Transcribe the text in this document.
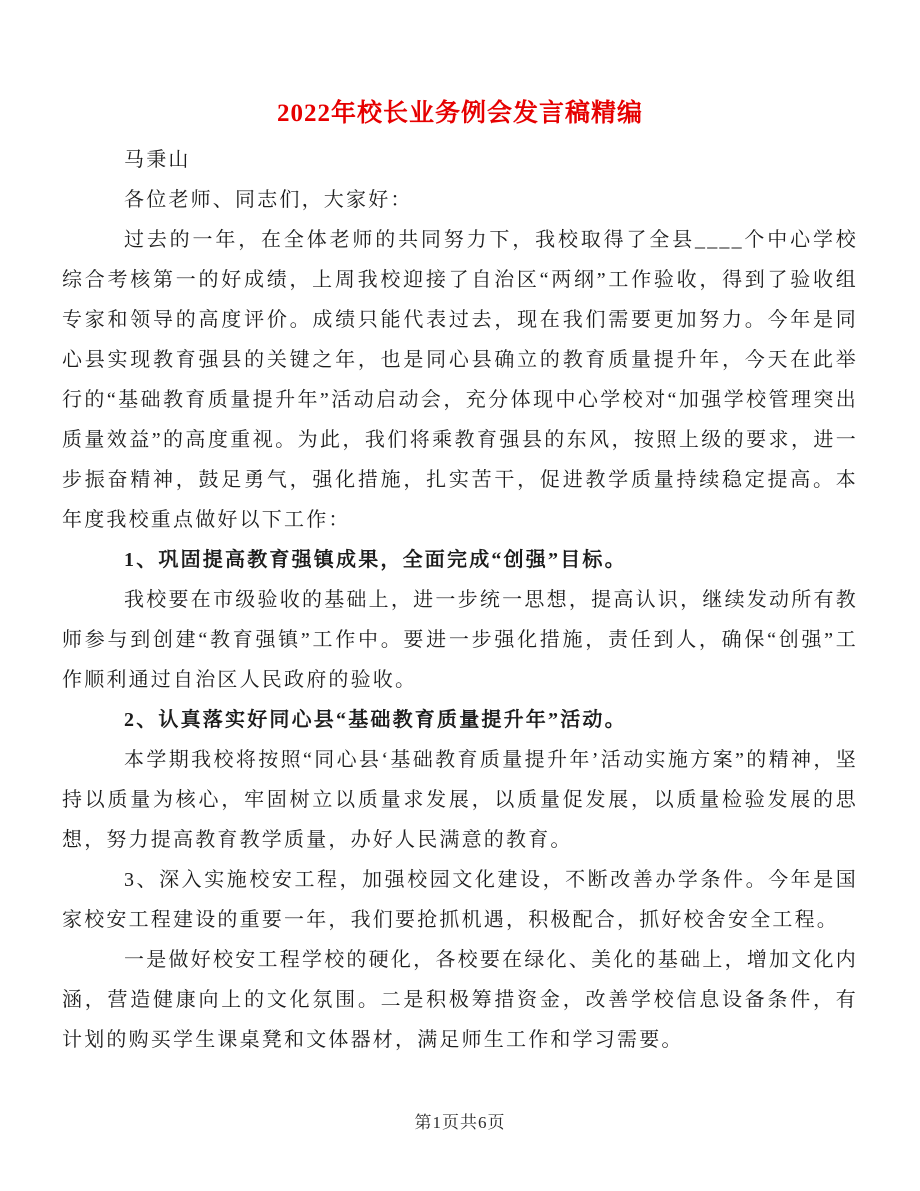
2022年校长业务例会发言稿精编

马秉山

各位老师、同志们，大家好：

过去的一年，在全体老师的共同努力下，我校取得了全县____个中心学校综合考核第一的好成绩，上周我校迎接了自治区“两纲”工作验收，得到了验收组专家和领导的高度评价。成绩只能代表过去，现在我们需要更加努力。今年是同心县实现教育强县的关键之年，也是同心县确立的教育质量提升年，今天在此举行的“基础教育质量提升年”活动启动会，充分体现中心学校对“加强学校管理突出质量效益”的高度重视。为此，我们将乘教育强县的东风，按照上级的要求，进一步振奋精神，鼓足勇气，强化措施，扎实苦干，促进教学质量持续稳定提高。本年度我校重点做好以下工作：

1、巩固提高教育强镇成果，全面完成“创强”目标。

我校要在市级验收的基础上，进一步统一思想，提高认识，继续发动所有教师参与到创建“教育强镇”工作中。要进一步强化措施，责任到人，确保“创强”工作顺利通过自治区人民政府的验收。

2、认真落实好同心县“基础教育质量提升年”活动。

本学期我校将按照“同心县‘基础教育质量提升年’活动实施方案”的精神，坚持以质量为核心，牢固树立以质量求发展，以质量促发展，以质量检验发展的思想，努力提高教育教学质量，办好人民满意的教育。

3、深入实施校安工程，加强校园文化建设，不断改善办学条件。今年是国家校安工程建设的重要一年，我们要抢抓机遇，积极配合，抓好校舍安全工程。

一是做好校安工程学校的硬化，各校要在绿化、美化的基础上，增加文化内涵，营造健康向上的文化氛围。二是积极筹措资金，改善学校信息设备条件，有计划的购买学生课桌凳和文体器材，满足师生工作和学习需要。

第1页共6页
